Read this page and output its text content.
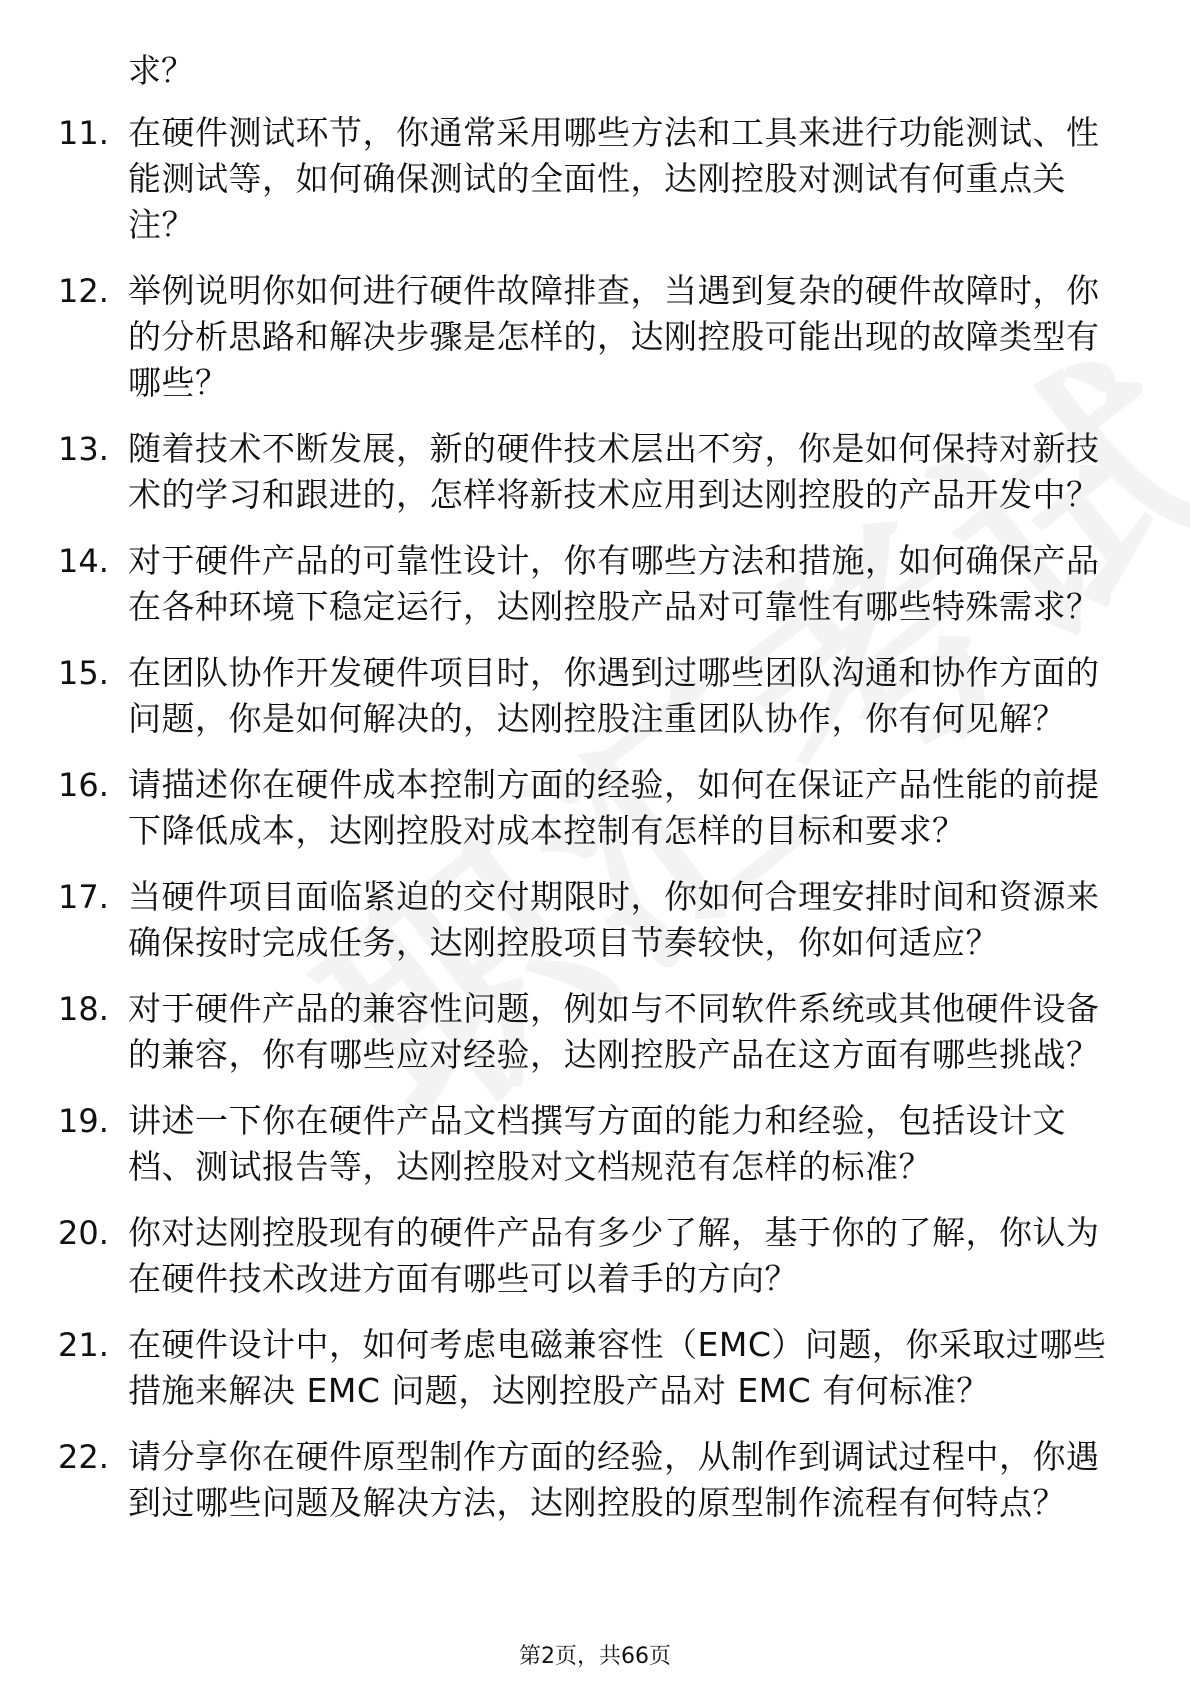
求？
11. 在硬件测试环节，你通常采用哪些方法和工具来进行功能测试、性能测试等，如何确保测试的全面性，达刚控股对测试有何重点关注？
12. 举例说明你如何进行硬件故障排查，当遇到复杂的硬件故障时，你的分析思路和解决步骤是怎样的，达刚控股可能出现的故障类型有哪些？
13. 随着技术不断发展，新的硬件技术层出不穷，你是如何保持对新技术的学习和跟进的，怎样将新技术应用到达刚控股的产品开发中？
14. 对于硬件产品的可靠性设计，你有哪些方法和措施，如何确保产品在各种环境下稳定运行，达刚控股产品对可靠性有哪些特殊需求？
15. 在团队协作开发硬件项目时，你遇到过哪些团队沟通和协作方面的问题，你是如何解决的，达刚控股注重团队协作，你有何见解？
16. 请描述你在硬件成本控制方面的经验，如何在保证产品性能的前提下降低成本，达刚控股对成本控制有怎样的目标和要求？
17. 当硬件项目面临紧迫的交付期限时，你如何合理安排时间和资源来确保按时完成任务，达刚控股项目节奏较快，你如何适应？
18. 对于硬件产品的兼容性问题，例如与不同软件系统或其他硬件设备的兼容，你有哪些应对经验，达刚控股产品在这方面有哪些挑战？
19. 讲述一下你在硬件产品文档撰写方面的能力和经验，包括设计文档、测试报告等，达刚控股对文档规范有怎样的标准？
20. 你对达刚控股现有的硬件产品有多少了解，基于你的了解，你认为在硬件技术改进方面有哪些可以着手的方向？
21. 在硬件设计中，如何考虑电磁兼容性（EMC）问题，你采取过哪些措施来解决 EMC 问题，达刚控股产品对 EMC 有何标准？
22. 请分享你在硬件原型制作方面的经验，从制作到调试过程中，你遇到过哪些问题及解决方法，达刚控股的原型制作流程有何特点？
第2页，共66页
